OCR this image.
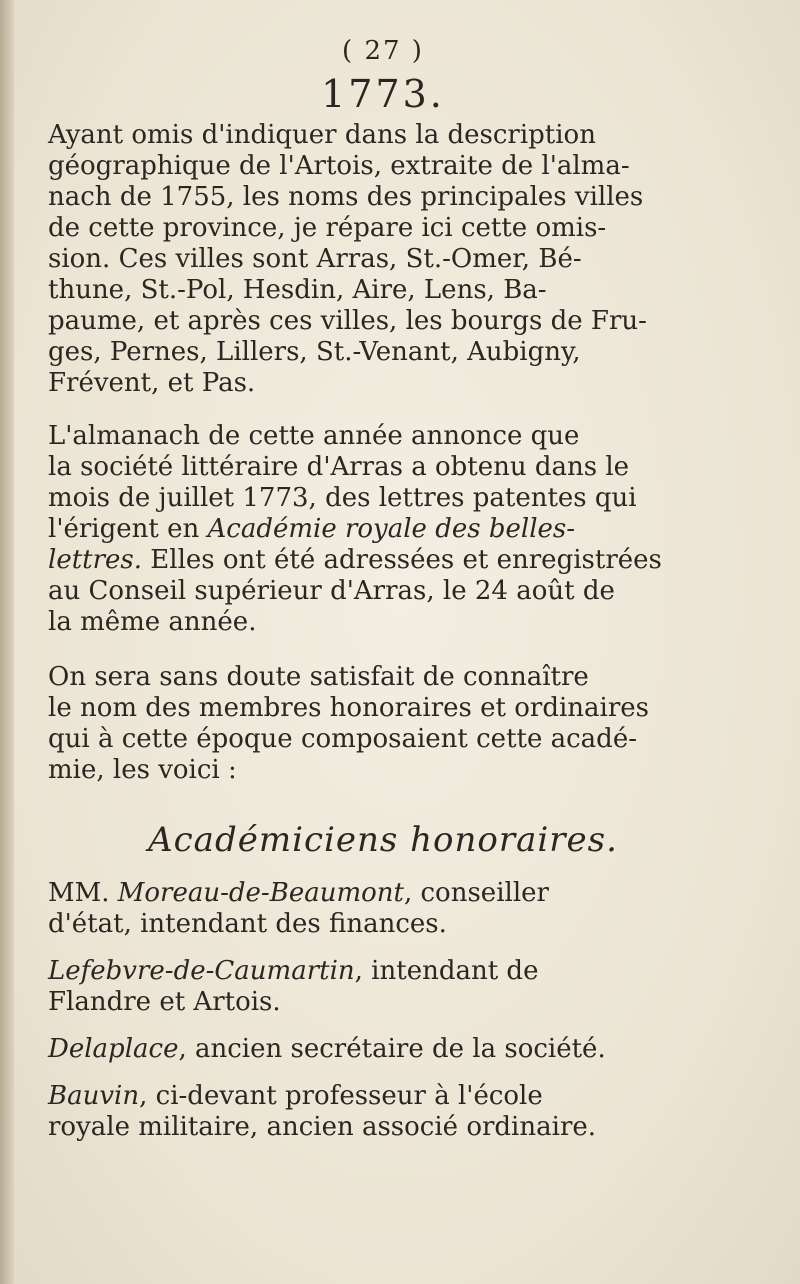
( 27 )
1773.

Ayant omis d'indiquer dans la description

géographique de l'Artois, extraite de l'alma-

nach de 1755, les noms des principales villes

de cette province, je répare ici cette omis-

sion. Ces villes sont Arras, St.-Omer, Bé-

thune, St.-Pol, Hesdin, Aire, Lens, Ba-

paume, et après ces villes, les bourgs de Fru-

ges, Pernes, Lillers, St.-Venant, Aubigny,

Frévent, et Pas.

L'almanach de cette année annonce que

la société littéraire d'Arras a obtenu dans le

mois de juillet 1773, des lettres patentes qui

l'érigent en Académie royale des belles-

lettres. Elles ont été adressées et enregistrées

au Conseil supérieur d'Arras, le 24 août de

la même année.

On sera sans doute satisfait de connaître

le nom des membres honoraires et ordinaires

qui à cette époque composaient cette acadé-

mie, les voici :

Académiciens honoraires.

MM. Moreau-de-Beaumont, conseiller

d'état, intendant des finances.

Lefebvre-de-Caumartin, intendant de

Flandre et Artois.

Delaplace, ancien secrétaire de la société.

Bauvin, ci-devant professeur à l'école

royale militaire, ancien associé ordinaire.
